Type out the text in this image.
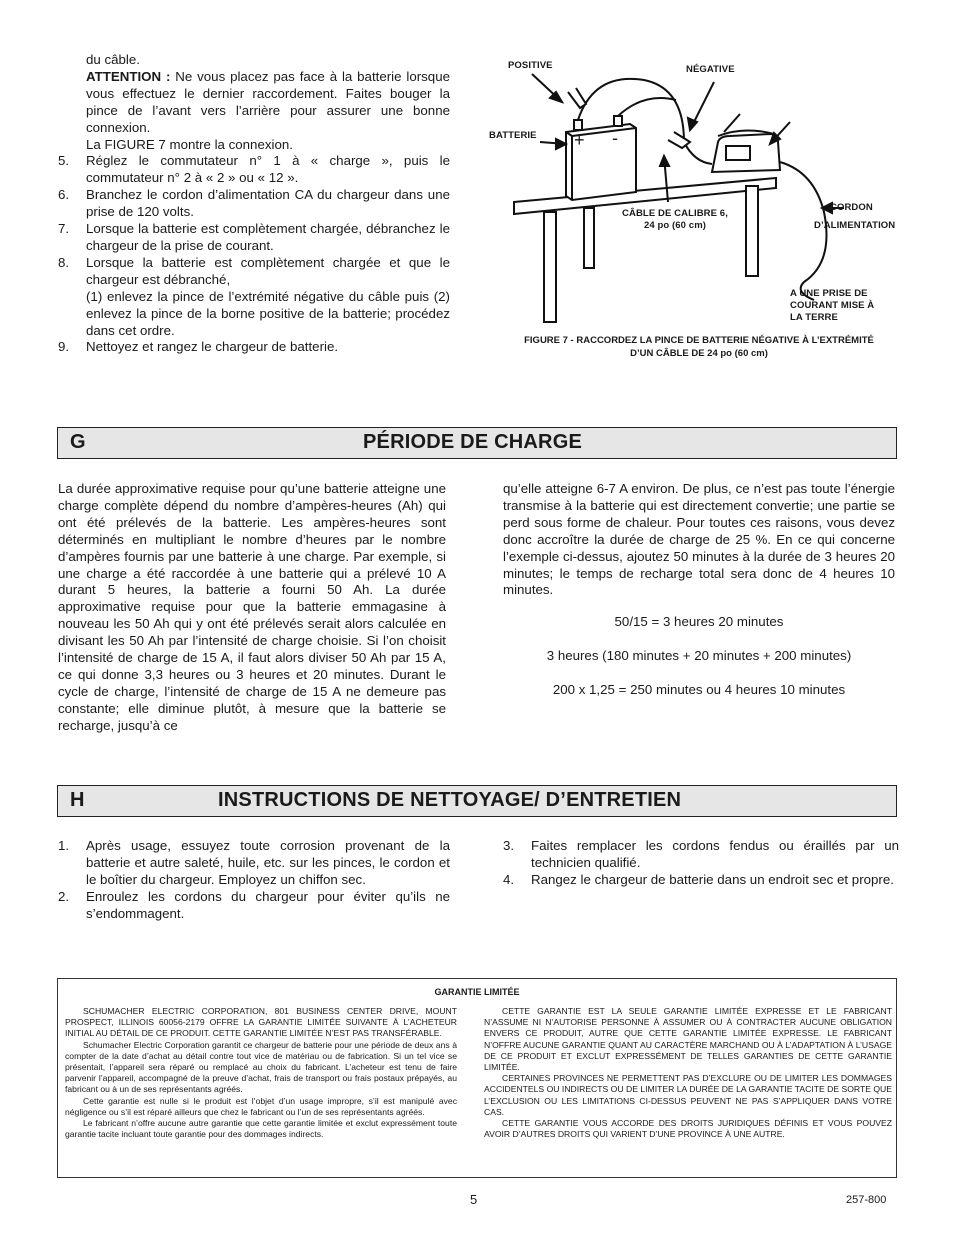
du câble.
ATTENTION : Ne vous placez pas face à la batterie lorsque vous effectuez le dernier raccordement. Faites bouger la pince de l’avant vers l’arrière pour assurer une bonne connexion.
La FIGURE 7 montre la connexion.
5. Réglez le commutateur n° 1 à « charge », puis le commutateur n° 2 à « 2 » ou « 12 ».
6. Branchez le cordon d’alimentation CA du chargeur dans une prise de 120 volts.
7. Lorsque la batterie est complètement chargée, débranchez le chargeur de la prise de courant.
8. Lorsque la batterie est complètement chargée et que le chargeur est débranché,
(1) enlevez la pince de l’extrémité négative du câble puis (2) enlevez la pince de la borne positive de la batterie; procédez dans cet ordre.
9. Nettoyez et rangez le chargeur de batterie.
POSITIVE	NÉGATIVE
BATTERIE + -
CÂBLE DE CALIBRE 6,
24 po (60 cm)
CORDON
D’ALIMENTATION
A UNE PRISE DE
COURANT MISE À
LA TERRE
FIGURE 7 - RACCORDEZ LA PINCE DE BATTERIE NÉGATIVE À L’EXTRÉMITÉ
D’UN CÂBLE DE 24 po (60 cm)
G	PÉRIODE DE CHARGE
La durée approximative requise pour qu’une batterie atteigne une charge complète dépend du nombre d’ampères-heures (Ah) qui ont été prélevés de la batterie. Les ampères-heures sont déterminés en multipliant le nombre d’heures par le nombre d’ampères fournis par une batterie à une charge. Par exemple, si une charge a été raccordée à une batterie qui a prélevé 10 A durant 5 heures, la batterie a fourni 50 Ah. La durée approximative requise pour que la batterie emmagasine à nouveau les 50 Ah qui y ont été prélevés serait alors calculée en divisant les 50 Ah par l’intensité de charge choisie. Si l’on choisit l’intensité de charge de 15 A, il faut alors diviser 50 Ah par 15 A, ce qui donne 3,3 heures ou 3 heures et 20 minutes. Durant le cycle de charge, l’intensité de charge de 15 A ne demeure pas constante; elle diminue plutôt, à mesure que la batterie se recharge, jusqu’à ce
qu’elle atteigne 6-7 A environ. De plus, ce n’est pas toute l’énergie transmise à la batterie qui est directement convertie; une partie se perd sous forme de chaleur. Pour toutes ces raisons, vous devez donc accroître la durée de charge de 25 %. En ce qui concerne l’exemple ci-dessus, ajoutez 50 minutes à la durée de 3 heures 20 minutes; le temps de recharge total sera donc de 4 heures 10 minutes.
50/15 = 3 heures 20 minutes
3 heures (180 minutes + 20 minutes + 200 minutes)
200 x 1,25 = 250 minutes ou 4 heures 10 minutes
H	INSTRUCTIONS DE NETTOYAGE/ D’ENTRETIEN
1. Après usage, essuyez toute corrosion provenant de la batterie et autre saleté, huile, etc. sur les pinces, le cordon et le boîtier du chargeur. Employez un chiffon sec.
2. Enroulez les cordons du chargeur pour éviter qu’ils ne s’endommagent.
3. Faites remplacer les cordons fendus ou éraillés par un technicien qualifié.
4. Rangez le chargeur de batterie dans un endroit sec et propre.
GARANTIE LIMITÉE

SCHUMACHER ELECTRIC CORPORATION, 801 BUSINESS CENTER DRIVE, MOUNT PROSPECT, ILLINOIS 60056-2179 OFFRE LA GARANTIE LIMITÉE SUIVANTE À L’ACHETEUR INITIAL AU DÉTAIL DE CE PRODUIT. CETTE GARANTIE LIMITÉE N’EST PAS TRANSFÉRABLE.

Schumacher Electric Corporation garantit ce chargeur de batterie pour une période de deux ans à compter de la date d’achat au détail contre tout vice de matériau ou de fabrication. Si un tel vice se présentait, l’appareil sera réparé ou remplacé au choix du fabricant. L’acheteur est tenu de faire parvenir l’appareil, accompagné de la preuve d’achat, frais de transport ou frais postaux prépayés, au fabricant ou à un de ses représentants agréés.

Cette garantie est nulle si le produit est l’objet d’un usage impropre, s’il est manipulé avec négligence ou s’il est réparé ailleurs que chez le fabricant ou l’un de ses représentants agréés.

Le fabricant n’offre aucune autre garantie que cette garantie limitée et exclut expressément toute garantie tacite incluant toute garantie pour des dommages indirects.

CETTE GARANTIE EST LA SEULE GARANTIE LIMITÉE EXPRESSE ET LE FABRICANT N’ASSUME NI N’AUTORISE PERSONNE À ASSUMER OU À CONTRACTER AUCUNE OBLIGATION ENVERS CE PRODUIT, AUTRE QUE CETTE GARANTIE LIMITÉE EXPRESSE. LE FABRICANT N’OFFRE AUCUNE GARANTIE QUANT AU CARACTÈRE MARCHAND OU À L’ADAPTATION À L’USAGE DE CE PRODUIT ET EXCLUT EXPRESSÉMENT DE TELLES GARANTIES DE CETTE GARANTIE LIMITÉE.

CERTAINES PROVINCES NE PERMETTENT PAS D’EXCLURE OU DE LIMITER LES DOMMAGES ACCIDENTELS OU INDIRECTS OU DE LIMITER LA DURÉE DE LA GARANTIE TACITE DE SORTE QUE L’EXCLUSION OU LES LIMITATIONS CI-DESSUS PEUVENT NE PAS S’APPLIQUER DANS VOTRE CAS.

CETTE GARANTIE VOUS ACCORDE DES DROITS JURIDIQUES DÉFINIS ET VOUS POUVEZ AVOIR D’AUTRES DROITS QUI VARIENT D’UNE PROVINCE À UNE AUTRE.

5	257-800
